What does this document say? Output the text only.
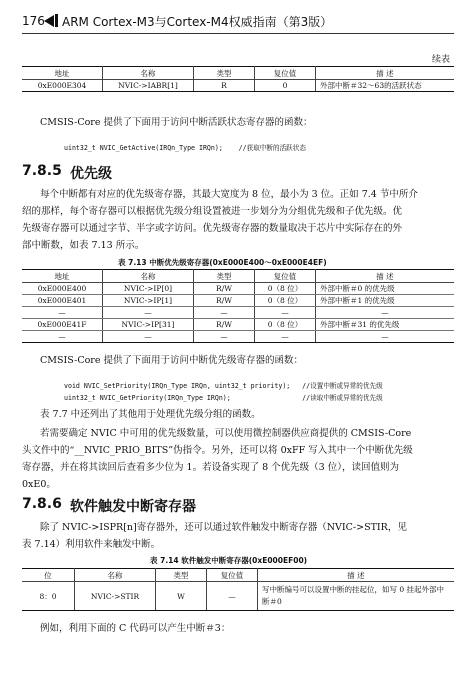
176 ARM Cortex-M3与Cortex-M4权威指南（第3版）
续表
地址	名称	类型	复位值	描 述
0xE000E304	NVIC->IABR[1]	R	0	外部中断＃32～63的活跃状态
CMSIS-Core 提供了下面用于访问中断活跃状态寄存器的函数：
uint32_t NVIC_GetActive(IRQn_Type IRQn);    //获取中断的活跃状态
7.8.5 优先级
每个中断都有对应的优先级寄存器，其最大宽度为 8 位，最小为 3 位。正如 7.4 节中所介
绍的那样，每个寄存器可以根据优先级分组设置被进一步划分为分组优先级和子优先级。优
先级寄存器可以通过字节、半字或字访问。优先级寄存器的数量取决于芯片中实际存在的外
部中断数，如表 7.13 所示。
表 7.13 中断优先级寄存器(0xE000E400～0xE000E4EF)
地址	名称	类型	复位值	描 述
0xE000E400	NVIC->IP[0]	R/W	0（8 位）	外部中断＃0 的优先级
0xE000E401	NVIC->IP[1]	R/W	0（8 位）	外部中断＃1 的优先级
—	—	—	—	—
0xE000E41F	NVIC->IP[31]	R/W	0（8 位）	外部中断＃31 的优先级
—	—	—	—	—
CMSIS-Core 提供了下面用于访问中断优先级寄存器的函数：
void NVIC_SetPriority(IRQn_Type IRQn, uint32_t priority);   //设置中断或异常的优先级
uint32_t NVIC_GetPriority(IRQn_Type IRQn);                  //读取中断或异常的优先级
表 7.7 中还列出了其他用于处理优先级分组的函数。
若需要确定 NVIC 中可用的优先级数量，可以使用微控制器供应商提供的 CMSIS-Core
头文件中的“__NVIC_PRIO_BITS”伪指令。另外，还可以将 0xFF 写入其中一个中断优先级
寄存器，并在将其读回后查看多少位为 1。若设备实现了 8 个优先级（3 位），读回值则为
0xE0。
7.8.6 软件触发中断寄存器
除了 NVIC->ISPR[n]寄存器外，还可以通过软件触发中断寄存器（NVIC->STIR，见
表 7.14）利用软件来触发中断。
表 7.14 软件触发中断寄存器(0xE000EF00)
位	名称	类型	复位值	描 述
8：0	NVIC->STIR	W	—	写中断编号可以设置中断的挂起位，如写 0 挂起外部中断＃0
例如，利用下面的 C 代码可以产生中断＃3：
